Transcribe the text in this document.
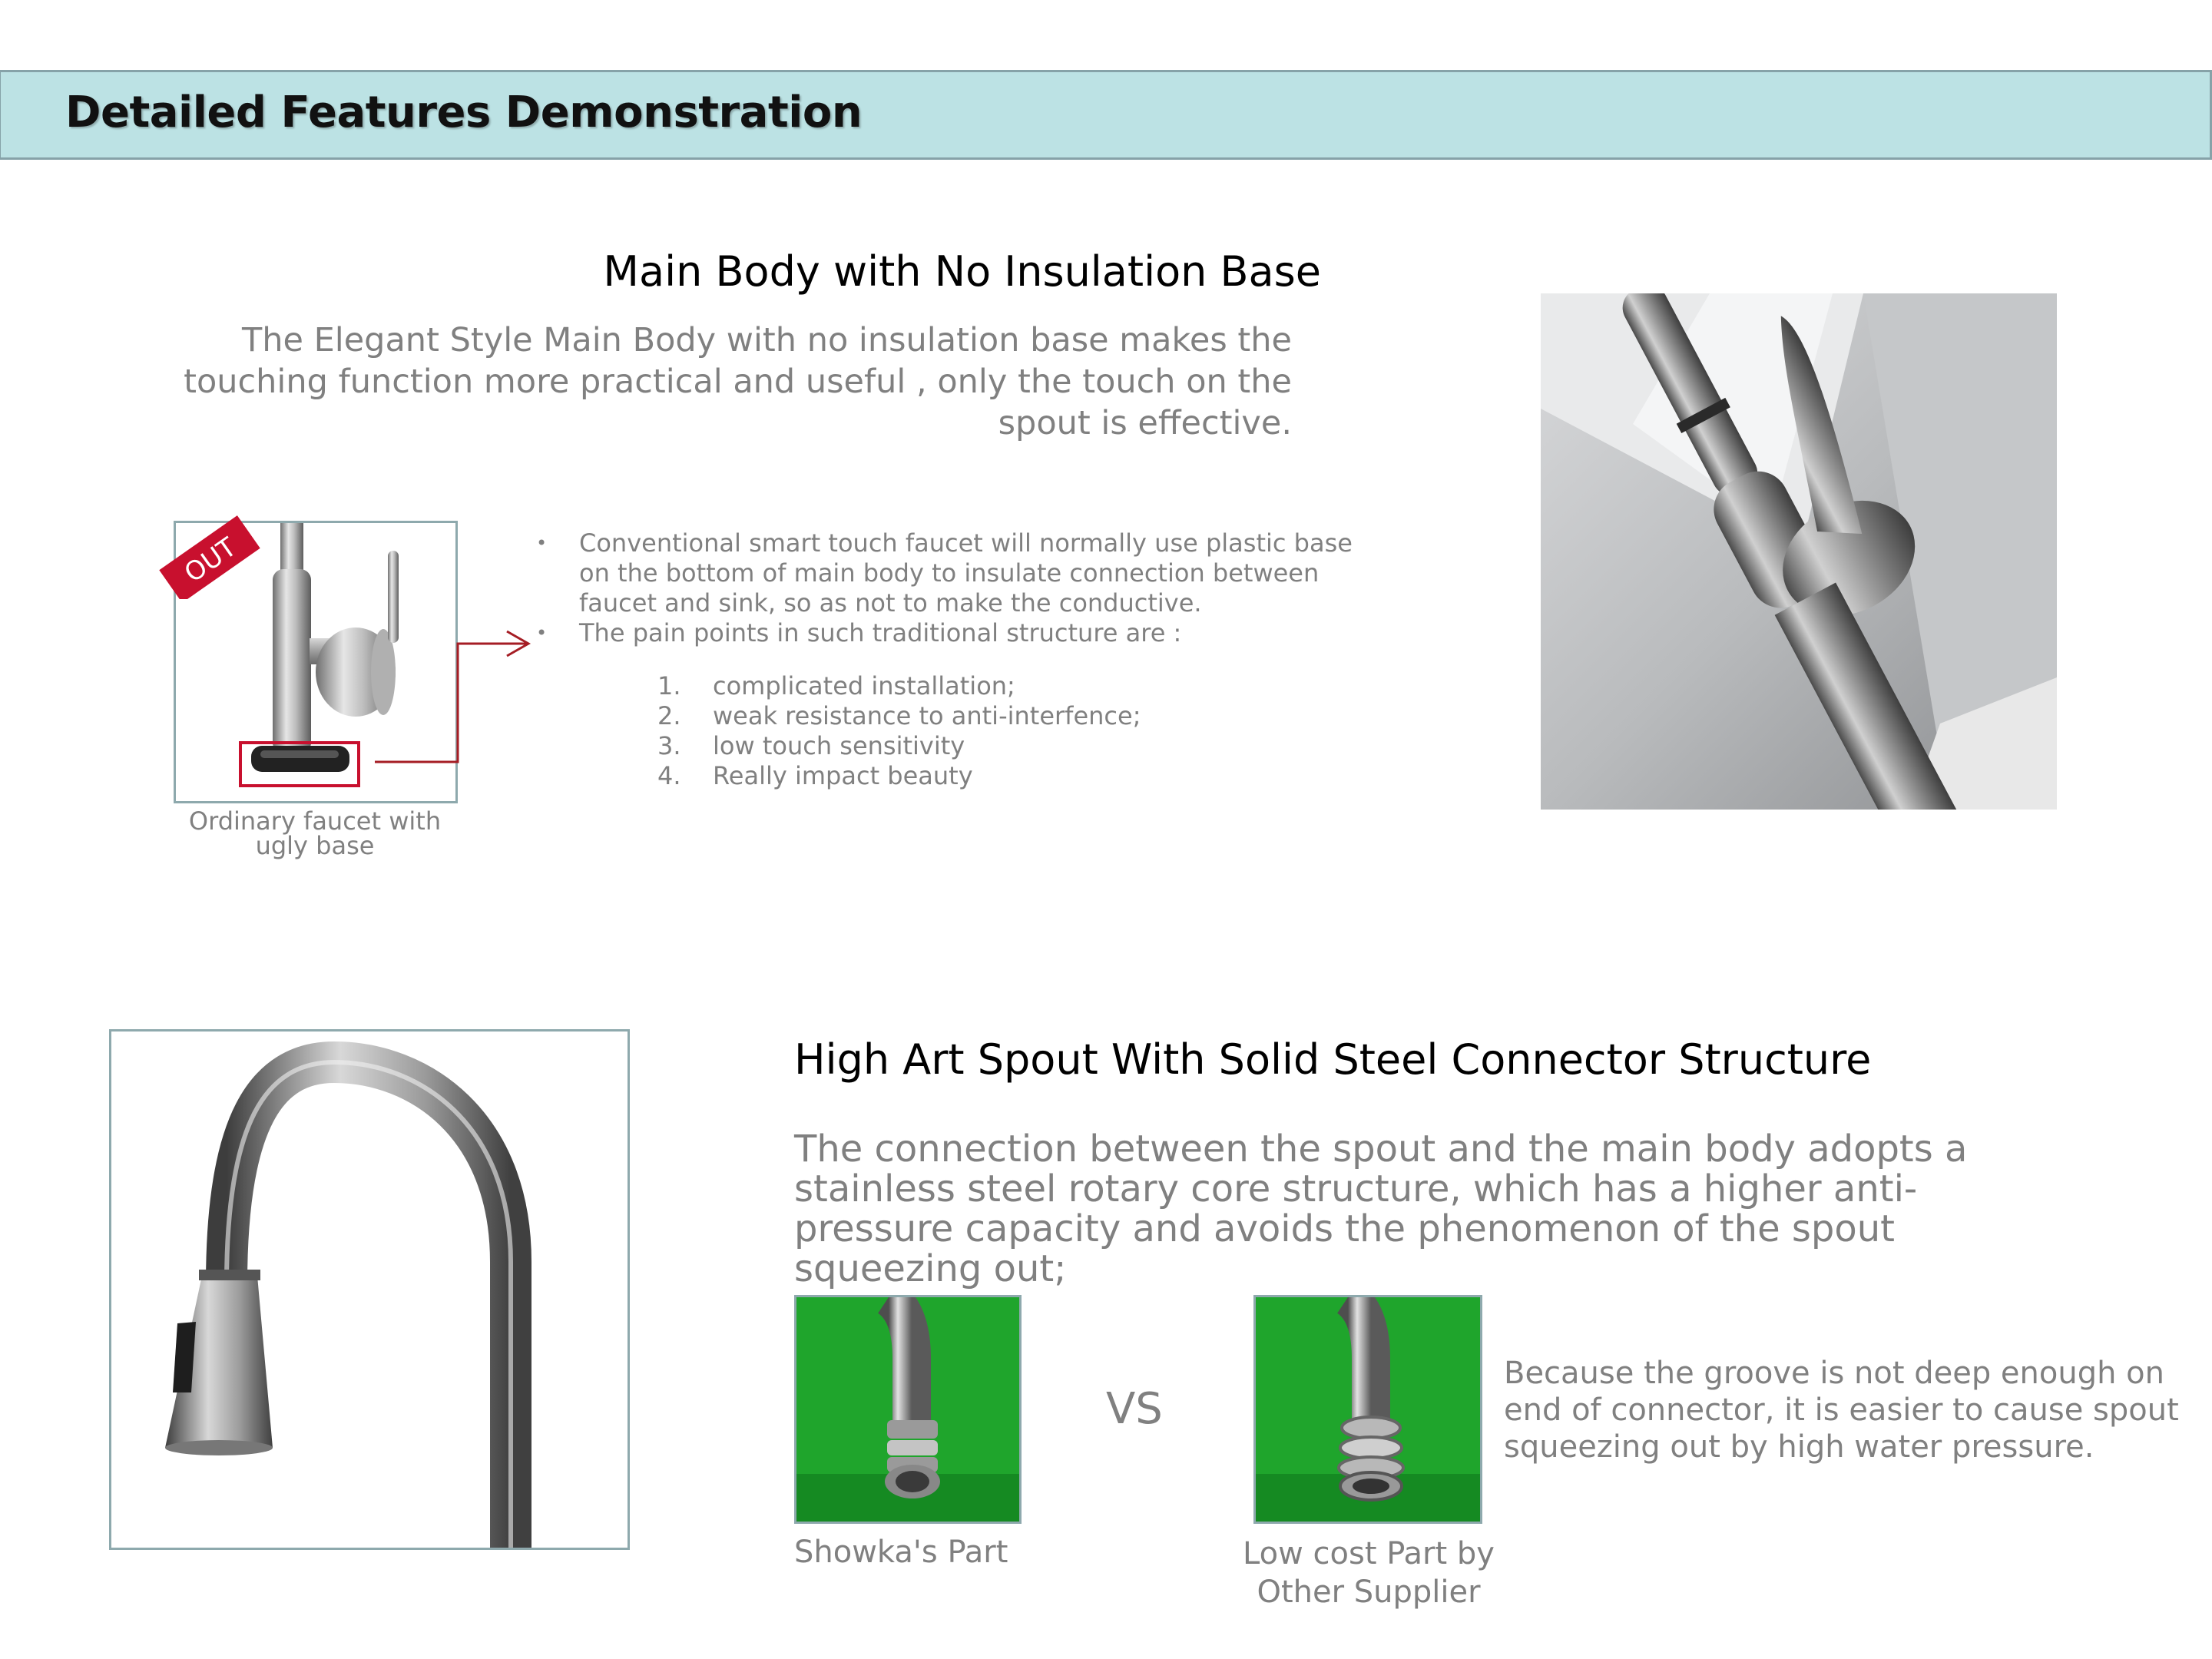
Detailed Features Demonstration
Main Body with No Insulation Base
The Elegant Style Main Body with no insulation base makes the touching function more practical and useful , only the touch on the spout is effective.
OUT
Ordinary faucet with
ugly base
• Conventional smart touch faucet will normally use plastic base on the bottom of main body to insulate connection between faucet and sink, so as not to make the conductive.
• The pain points in such traditional structure are :
1. complicated installation;
2. weak resistance to anti-interfence;
3. low touch sensitivity
4. Really impact beauty
High Art Spout With Solid Steel Connector Structure
The connection between the spout and the main body adopts a stainless steel rotary core structure, which has a higher anti-pressure capacity and avoids the phenomenon of the spout squeezing out;
VS
Showka's Part	Low cost Part by
Other Supplier
Because the groove is not deep enough on end of connector, it is easier to cause spout squeezing out by high water pressure.
